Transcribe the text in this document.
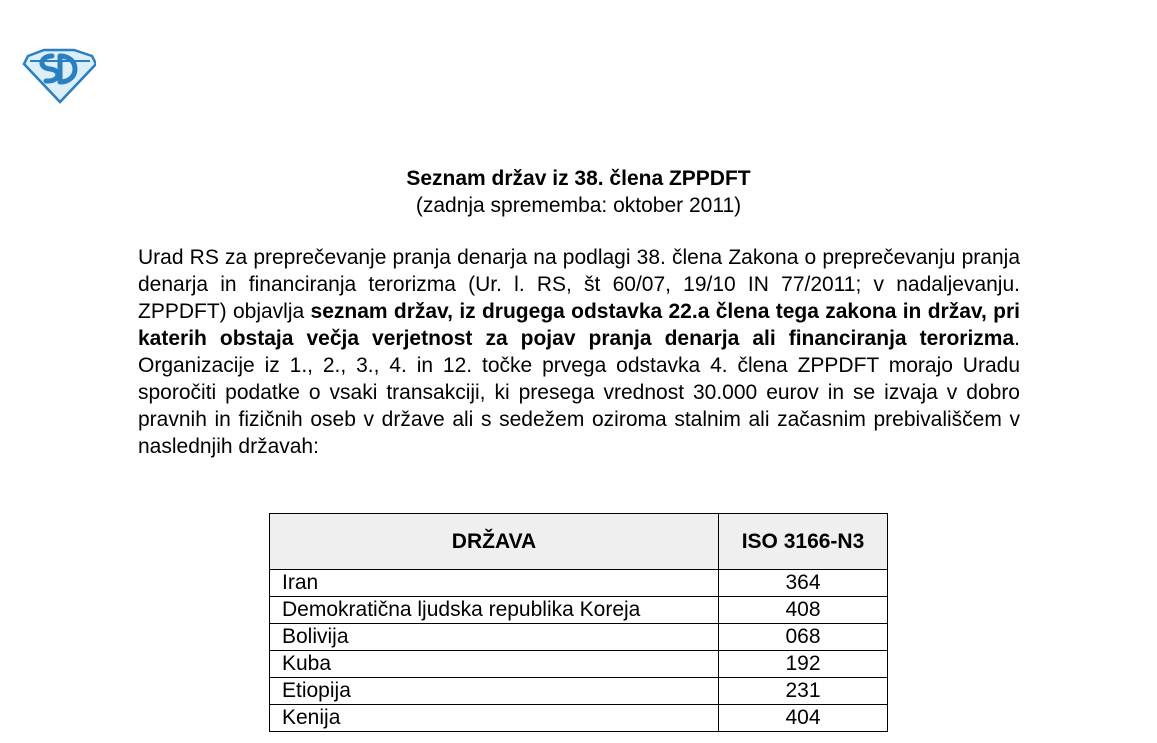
Seznam držav iz 38. člena ZPPDFT
(zadnja sprememba: oktober 2011)
Urad RS za preprečevanje pranja denarja na podlagi 38. člena Zakona o preprečevanju pranja denarja in financiranja terorizma (Ur. l. RS, št 60/07, 19/10 IN 77/2011; v nadaljevanju. ZPPDFT) objavlja seznam držav, iz drugega odstavka 22.a člena tega zakona in držav, pri katerih obstaja večja verjetnost za pojav pranja denarja ali financiranja terorizma. Organizacije iz 1., 2., 3., 4. in 12. točke prvega odstavka 4. člena ZPPDFT morajo Uradu sporočiti podatke o vsaki transakciji, ki presega vrednost 30.000 eurov in se izvaja v dobro pravnih in fizičnih oseb v države ali s sedežem oziroma stalnim ali začasnim prebivališčem v naslednjih državah:
DRŽAVA	ISO 3166-N3
Iran	364
Demokratična ljudska republika Koreja	408
Bolivija	068
Kuba	192
Etiopija	231
Kenija	404
